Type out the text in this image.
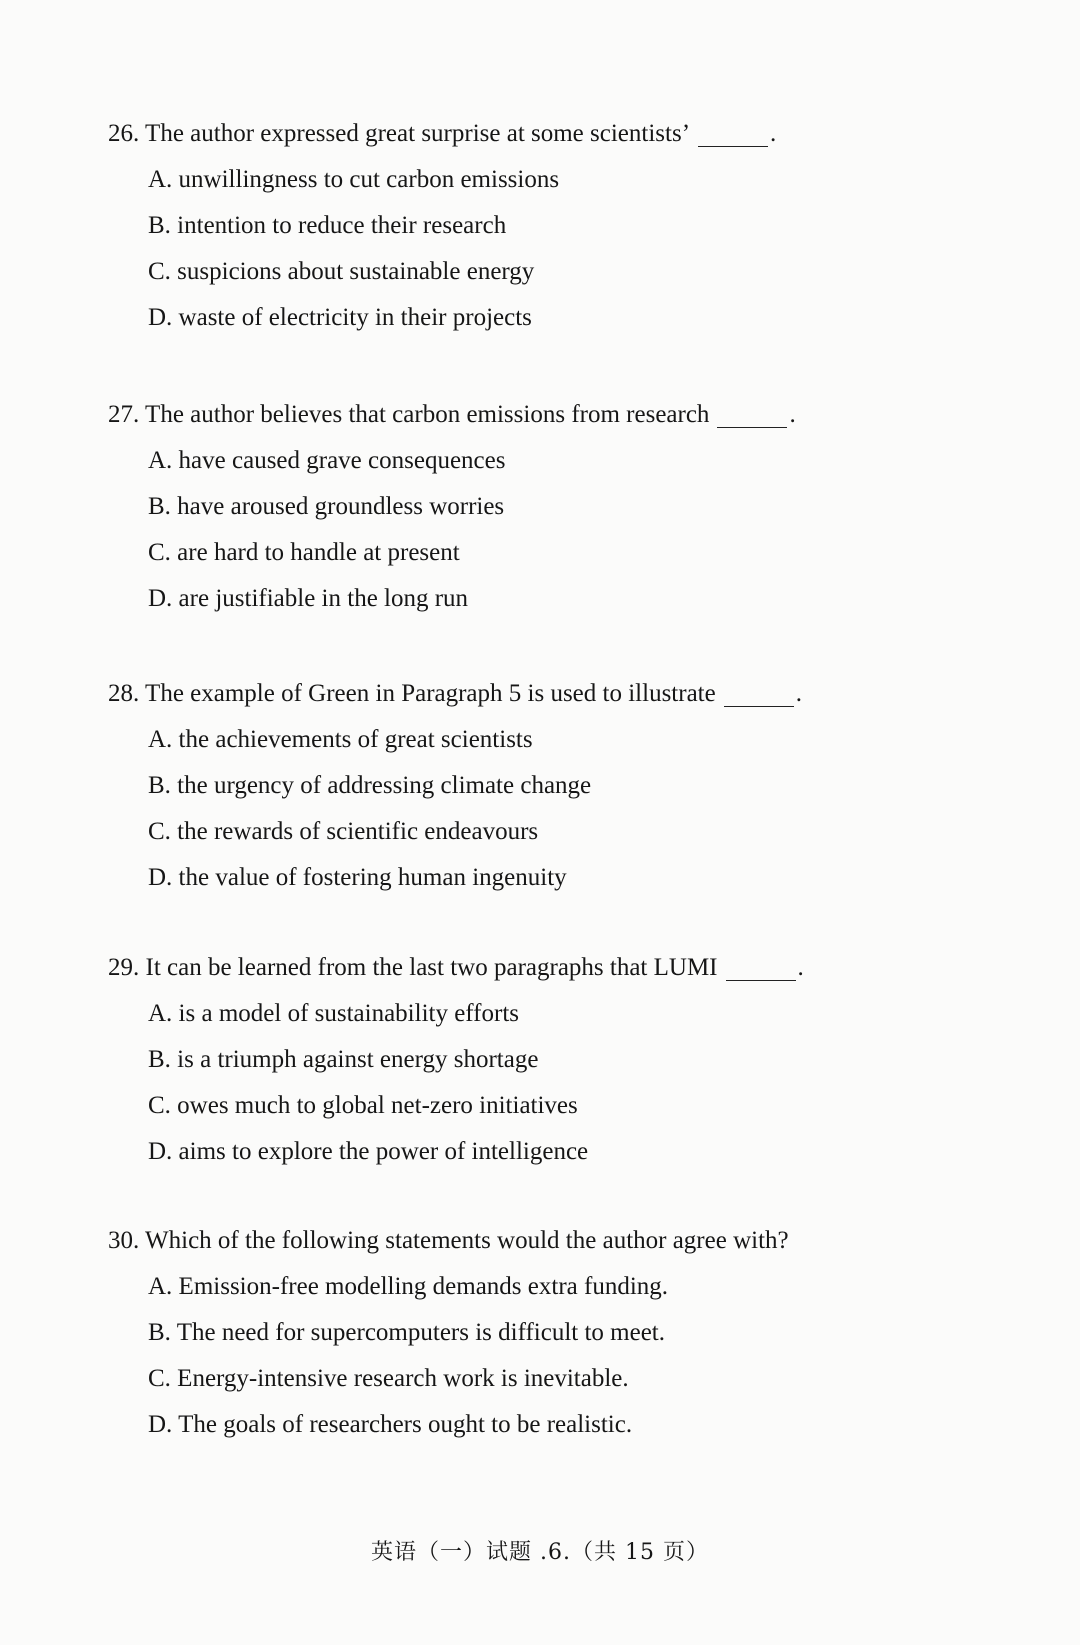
26. The author expressed great surprise at some scientists’	.
A. unwillingness to cut carbon emissions
B. intention to reduce their research
C. suspicions about sustainable energy
D. waste of electricity in their projects
27. The author believes that carbon emissions from research	.
A. have caused grave consequences
B. have aroused groundless worries
C. are hard to handle at present
D. are justifiable in the long run
28. The example of Green in Paragraph 5 is used to illustrate	.
A. the achievements of great scientists
B. the urgency of addressing climate change
C. the rewards of scientific endeavours
D. the value of fostering human ingenuity
29. It can be learned from the last two paragraphs that LUMI	.
A. is a model of sustainability efforts
B. is a triumph against energy shortage
C. owes much to global net-zero initiatives
D. aims to explore the power of intelligence
30. Which of the following statements would the author agree with?
A. Emission-free modelling demands extra funding.
B. The need for supercomputers is difficult to meet.
C. Energy-intensive research work is inevitable.
D. The goals of researchers ought to be realistic.
英语（一）试题 .6.（共 15 页）
